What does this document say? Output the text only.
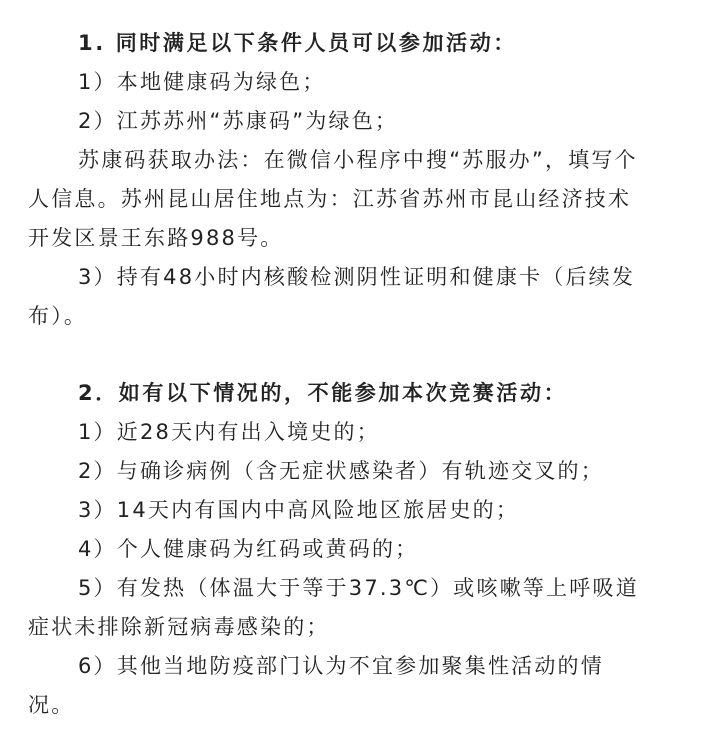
1. 同时满足以下条件人员可以参加活动：
1）本地健康码为绿色；
2）江苏苏州“苏康码”为绿色；
苏康码获取办法：在微信小程序中搜“苏服办”，填写个
人信息。苏州昆山居住地点为：江苏省苏州市昆山经济技术
开发区景王东路988号。
3）持有48小时内核酸检测阴性证明和健康卡（后续发
布）。
2．如有以下情况的，不能参加本次竞赛活动：
1）近28天内有出入境史的；
2）与确诊病例（含无症状感染者）有轨迹交叉的；
3）14天内有国内中高风险地区旅居史的；
4）个人健康码为红码或黄码的；
5）有发热（体温大于等于37.3℃）或咳嗽等上呼吸道
症状未排除新冠病毒感染的；
6）其他当地防疫部门认为不宜参加聚集性活动的情
况。
